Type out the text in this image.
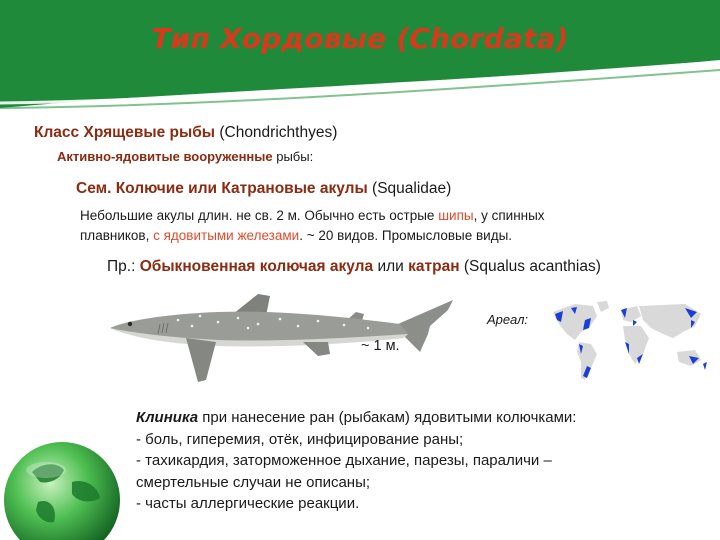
Тип Хордовые (Chordata)
Класс Хрящевые рыбы (Chondrichthyes)
Активно-ядовитые вооруженные рыбы:
Сем. Колючие или Катрановые акулы (Squalidae)
Небольшие акулы длин. не св. 2 м. Обычно есть острые шипы, у спинных
плавников, с ядовитыми железами. ~ 20 видов. Промысловые виды.
Пр.: Обыкновенная колючая акула или катран (Squalus acanthias)
Ареал:
~ 1 м.
Клиника при нанесение ран (рыбакам) ядовитыми колючками:
- боль, гиперемия, отёк, инфицирование раны;
- тахикардия, заторможенное дыхание, парезы, параличи –
смертельные случаи не описаны;
- часты аллергические реакции.
